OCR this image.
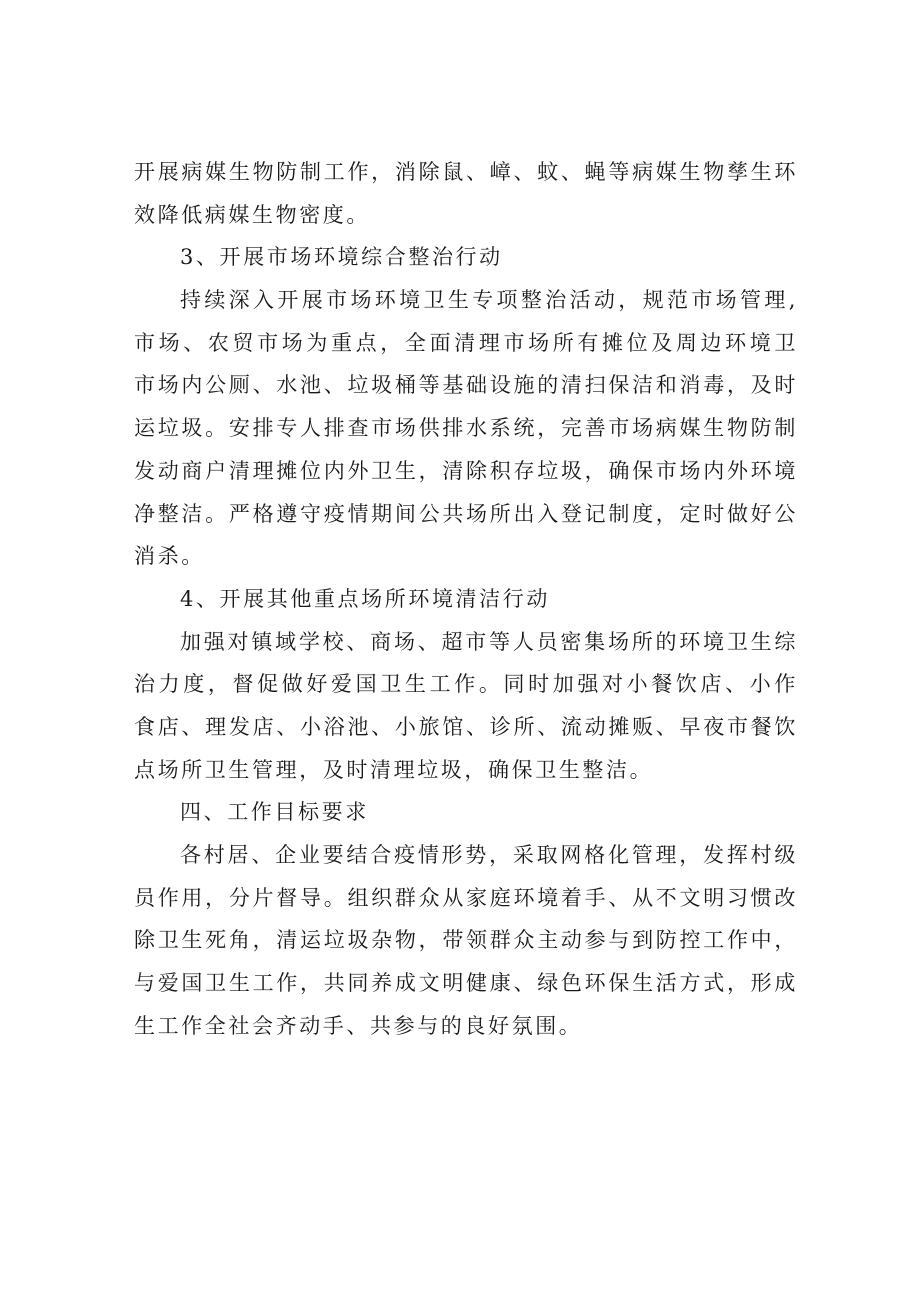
开展病媒生物防制工作，消除鼠、嶂、蚊、蝇等病媒生物孳生环
效降低病媒生物密度。
3、开展市场环境综合整治行动
持续深入开展市场环境卫生专项整治活动，规范市场管理,
市场、农贸市场为重点，全面清理市场所有摊位及周边环境卫
市场内公厕、水池、垃圾桶等基础设施的清扫保洁和消毒，及时
运垃圾。安排专人排查市场供排水系统，完善市场病媒生物防制
发动商户清理摊位内外卫生，清除积存垃圾，确保市场内外环境
净整洁。严格遵守疫情期间公共场所出入登记制度，定时做好公
消杀。
4、开展其他重点场所环境清洁行动
加强对镇域学校、商场、超市等人员密集场所的环境卫生综
治力度，督促做好爱国卫生工作。同时加强对小餐饮店、小作
食店、理发店、小浴池、小旅馆、诊所、流动摊贩、早夜市餐饮
点场所卫生管理，及时清理垃圾，确保卫生整洁。
四、工作目标要求
各村居、企业要结合疫情形势，采取网格化管理，发挥村级
员作用，分片督导。组织群众从家庭环境着手、从不文明习惯改
除卫生死角，清运垃圾杂物，带领群众主动参与到防控工作中，
与爱国卫生工作，共同养成文明健康、绿色环保生活方式，形成
生工作全社会齐动手、共参与的良好氛围。
